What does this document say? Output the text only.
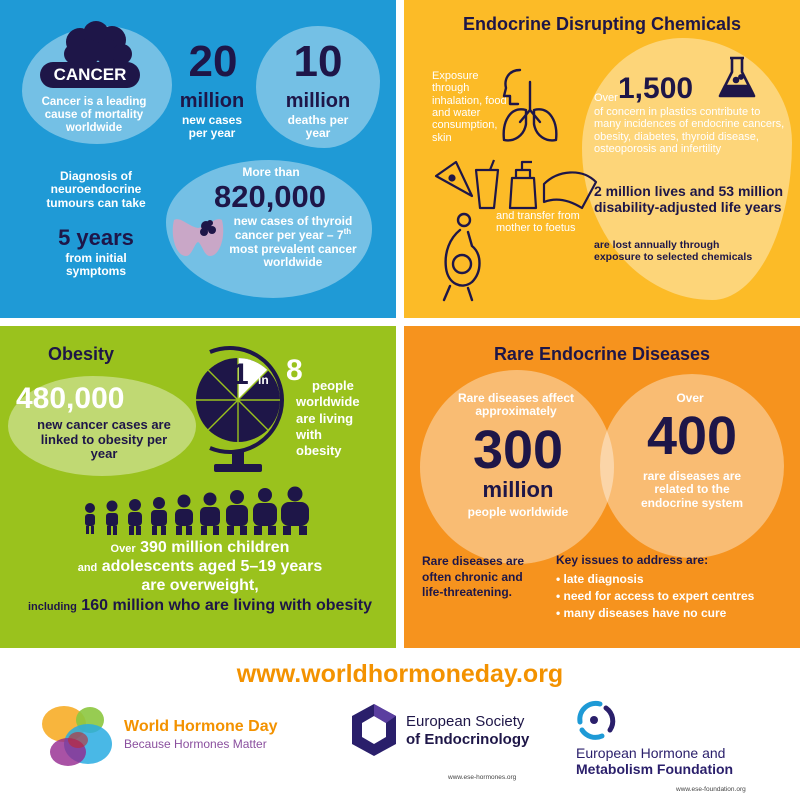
CANCER
Cancer is a leading cause of mortality worldwide
20
million
new cases per year
10
million
deaths per year
Diagnosis of neuroendocrine tumours can take
5 years
from initial symptoms
More than
820,000
new cases of thyroid cancer per year – 7th most prevalent cancer worldwide
Endocrine Disrupting Chemicals
Exposure through inhalation, food and water consumption, skin
and transfer from mother to foetus
Over 1,500
of concern in plastics contribute to many incidences of endocrine cancers, obesity, diabetes, thyroid disease, osteoporosis and infertility
2 million lives and 53 million disability-adjusted life years
are lost annually through exposure to selected chemicals
Obesity
480,000
new cancer cases are linked to obesity per year
1 in 8 people worldwide are living with obesity
Over 390 million children
and adolescents aged 5–19 years
are overweight,
including 160 million who are living with obesity
Rare Endocrine Diseases
Rare diseases affect approximately
300
million
people worldwide
Over
400
rare diseases are related to the endocrine system
Rare diseases are often chronic and life-threatening.
Key issues to address are:
• late diagnosis
• need for access to expert centres
• many diseases have no cure
www.worldhormoneday.org
World Hormone Day
Because Hormones Matter
European Society
of Endocrinology
www.ese-hormones.org
European Hormone and
Metabolism Foundation
www.ese-foundation.org
